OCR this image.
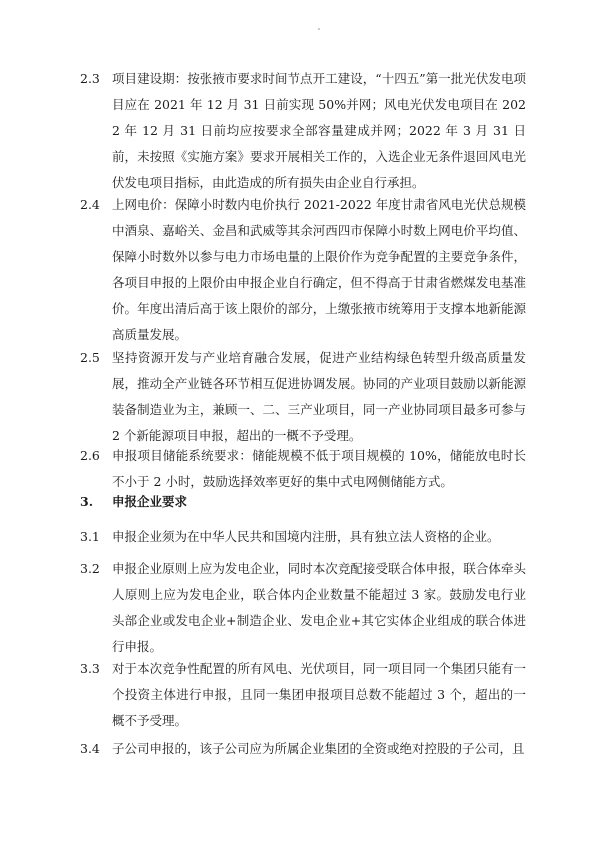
2.3 项目建设期：按张掖市要求时间节点开工建设，“十四五”第一批光伏发电项目应在 2021 年 12 月 31 日前实现 50%并网；风电光伏发电项目在 2022 年 12 月 31 日前均应按要求全部容量建成并网；2022 年 3 月 31 日前，未按照《实施方案》要求开展相关工作的，入选企业无条件退回风电光伏发电项目指标，由此造成的所有损失由企业自行承担。

2.4 上网电价：保障小时数内电价执行 2021-2022 年度甘肃省风电光伏总规模中酒泉、嘉峪关、金昌和武威等其余河西四市保障小时数上网电价平均值、保障小时数外以参与电力市场电量的上限价作为竞争配置的主要竞争条件，各项目申报的上限价由申报企业自行确定，但不得高于甘肃省燃煤发电基准价。年度出清后高于该上限价的部分，上缴张掖市统筹用于支撑本地新能源高质量发展。

2.5 坚持资源开发与产业培育融合发展，促进产业结构绿色转型升级高质量发展，推动全产业链各环节相互促进协调发展。协同的产业项目鼓励以新能源装备制造业为主，兼顾一、二、三产业项目，同一产业协同项目最多可参与 2 个新能源项目申报，超出的一概不予受理。

2.6 申报项目储能系统要求：储能规模不低于项目规模的 10%，储能放电时长不小于 2 小时，鼓励选择效率更好的集中式电网侧储能方式。

3. 申报企业要求

3.1 申报企业须为在中华人民共和国境内注册，具有独立法人资格的企业。

3.2 申报企业原则上应为发电企业，同时本次竞配接受联合体申报，联合体牵头人原则上应为发电企业，联合体内企业数量不能超过 3 家。鼓励发电行业头部企业或发电企业+制造企业、发电企业+其它实体企业组成的联合体进行申报。

3.3 对于本次竞争性配置的所有风电、光伏项目，同一项目同一个集团只能有一个投资主体进行申报，且同一集团申报项目总数不能超过 3 个，超出的一概不予受理。

3.4 子公司申报的，该子公司应为所属企业集团的全资或绝对控股的子公司，且
